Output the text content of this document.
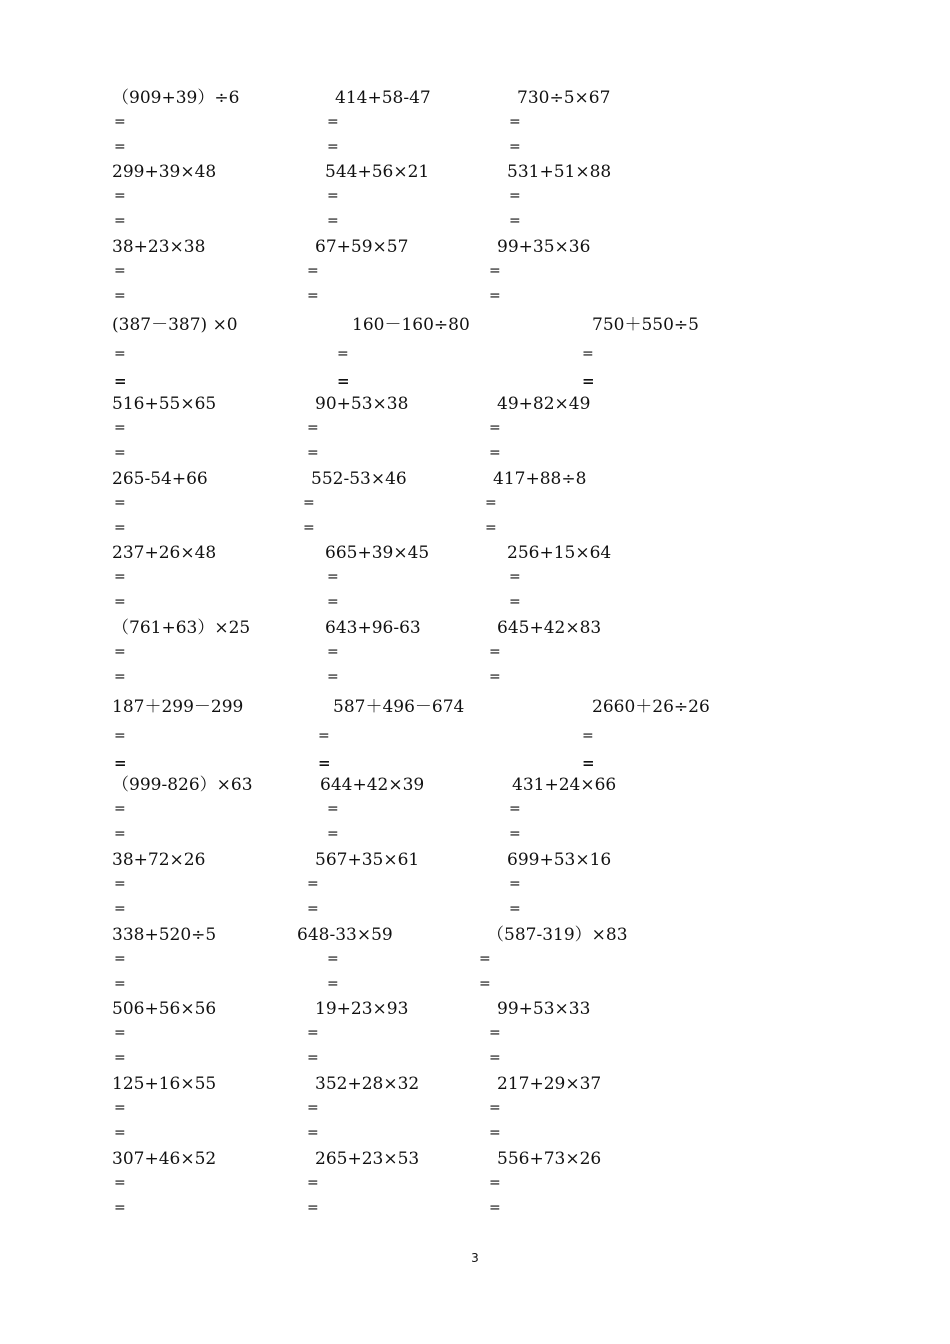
（909+39）÷6
=
=
414+58-47
=
=
730÷5×67
=
=
299+39×48
=
=
544+56×21
=
=
531+51×88
=
=
38+23×38
=
=
67+59×57
=
=
99+35×36
=
=
(387－387) ×0
=
=
160－160÷80
=
=
750＋550÷5
=
=
516+55×65
=
=
90+53×38
=
=
49+82×49
=
=
265-54+66
=
=
552-53×46
=
=
417+88÷8
=
=
237+26×48
=
=
665+39×45
=
=
256+15×64
=
=
（761+63）×25
=
=
643+96-63
=
=
645+42×83
=
=
187＋299－299
=
=
587＋496－674
=
=
2660＋26÷26
=
=
（999-826）×63
=
=
644+42×39
=
=
431+24×66
=
=
38+72×26
=
=
567+35×61
=
=
699+53×16
=
=
338+520÷5
=
=
648-33×59
=
=
（587-319）×83
=
=
506+56×56
=
=
19+23×93
=
=
99+53×33
=
=
125+16×55
=
=
352+28×32
=
=
217+29×37
=
=
307+46×52
=
=
265+23×53
=
=
556+73×26
=
=
3
